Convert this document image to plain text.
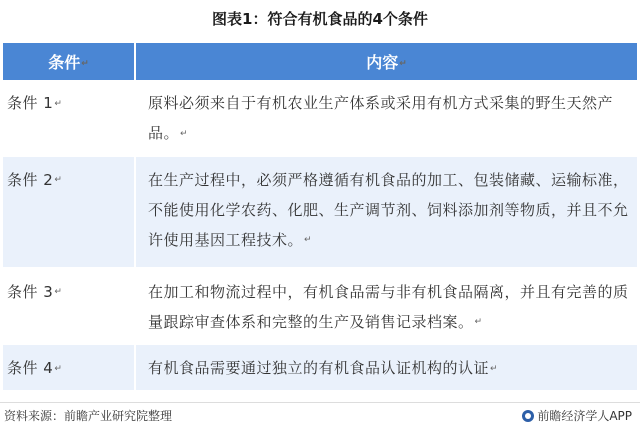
图表1：符合有机食品的4个条件
条件↵	内容↵
条件 1↵	原料必须来自于有机农业生产体系或采用有机方式采集的野生天然产品。↵
条件 2↵	在生产过程中，必须严格遵循有机食品的加工、包装储藏、运输标准，不能使用化学农药、化肥、生产调节剂、饲料添加剂等物质，并且不允许使用基因工程技术。↵
条件 3↵	在加工和物流过程中，有机食品需与非有机食品隔离，并且有完善的质量跟踪审查体系和完整的生产及销售记录档案。↵
条件 4↵	有机食品需要通过独立的有机食品认证机构的认证↵
资料来源：前瞻产业研究院整理	前瞻经济学人APP
